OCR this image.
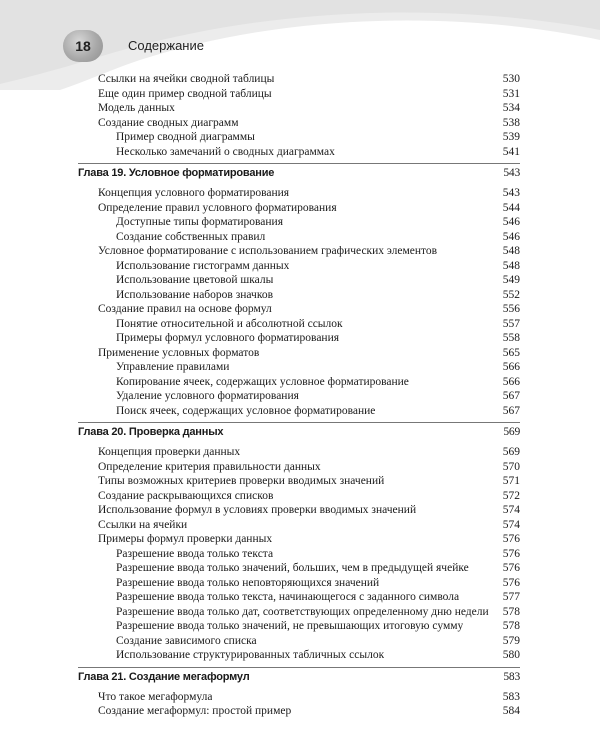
18	Содержание
Ссылки на ячейки сводной таблицы	530
Еще один пример сводной таблицы	531
Модель данных	534
Создание сводных диаграмм	538
Пример сводной диаграммы	539
Несколько замечаний о сводных диаграммах	541
Глава 19. Условное форматирование	543
Концепция условного форматирования	543
Определение правил условного форматирования	544
Доступные типы форматирования	546
Создание собственных правил	546
Условное форматирование с использованием графических элементов	548
Использование гистограмм данных	548
Использование цветовой шкалы	549
Использование наборов значков	552
Создание правил на основе формул	556
Понятие относительной и абсолютной ссылок	557
Примеры формул условного форматирования	558
Применение условных форматов	565
Управление правилами	566
Копирование ячеек, содержащих условное форматирование	566
Удаление условного форматирования	567
Поиск ячеек, содержащих условное форматирование	567
Глава 20. Проверка данных	569
Концепция проверки данных	569
Определение критерия правильности данных	570
Типы возможных критериев проверки вводимых значений	571
Создание раскрывающихся списков	572
Использование формул в условиях проверки вводимых значений	574
Ссылки на ячейки	574
Примеры формул проверки данных	576
Разрешение ввода только текста	576
Разрешение ввода только значений, больших, чем в предыдущей ячейке	576
Разрешение ввода только неповторяющихся значений	576
Разрешение ввода только текста, начинающегося с заданного символа	577
Разрешение ввода только дат, соответствующих определенному дню недели	578
Разрешение ввода только значений, не превышающих итоговую сумму	578
Создание зависимого списка	579
Использование структурированных табличных ссылок	580
Глава 21. Создание мегаформул	583
Что такое мегаформула	583
Создание мегаформул: простой пример	584
